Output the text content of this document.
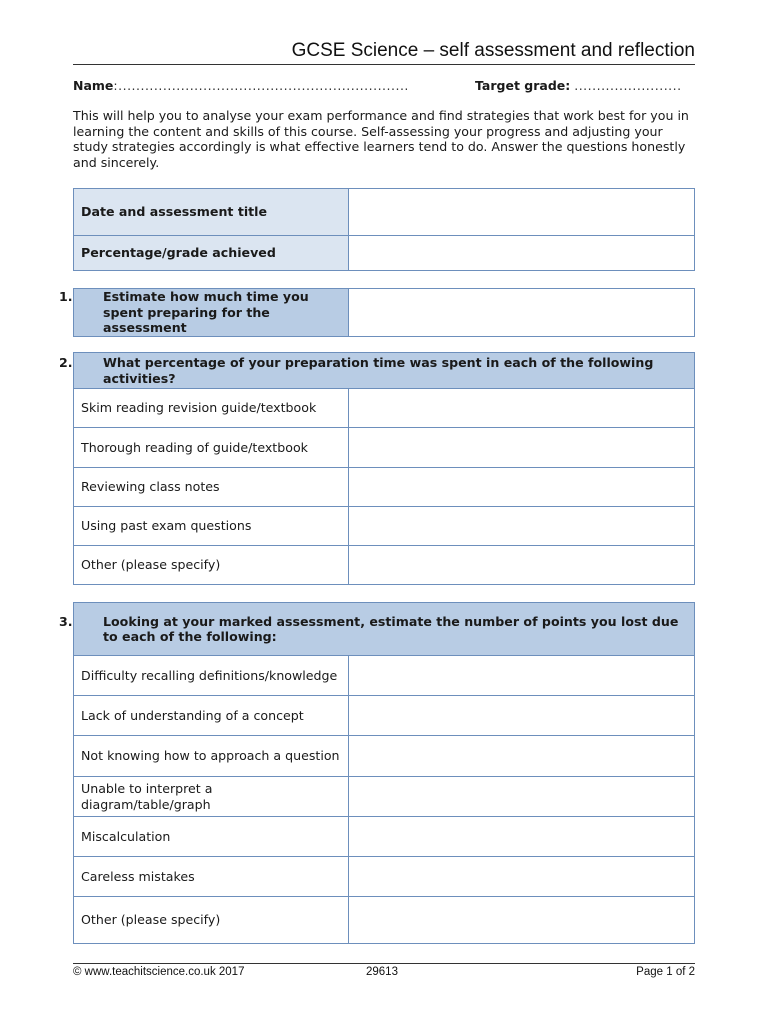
GCSE Science – self assessment and reflection
Name:.................................................................	Target grade: ........................
This will help you to analyse your exam performance and find strategies that work best for you in learning the content and skills of this course. Self-assessing your progress and adjusting your study strategies accordingly is what effective learners tend to do. Answer the questions honestly and sincerely.
Date and assessment title	
Percentage/grade achieved	
1. Estimate how much time you spent preparing for the assessment

2. What percentage of your preparation time was spent in each of the following activities?	

Skim reading revision guide/textbook	
Thorough reading of guide/textbook	
Reviewing class notes	
Using past exam questions	
Other (please specify)	
3. Looking at your marked assessment, estimate the number of points you lost due to each of the following:	

Difficulty recalling definitions/knowledge	
Lack of understanding of a concept	
Not knowing how to approach a question	

Unable to interpret a diagram/table/graph	

Miscalculation	
Careless mistakes	
Other (please specify)	
© www.teachitscience.co.uk 2017	29613	Page 1 of 2
